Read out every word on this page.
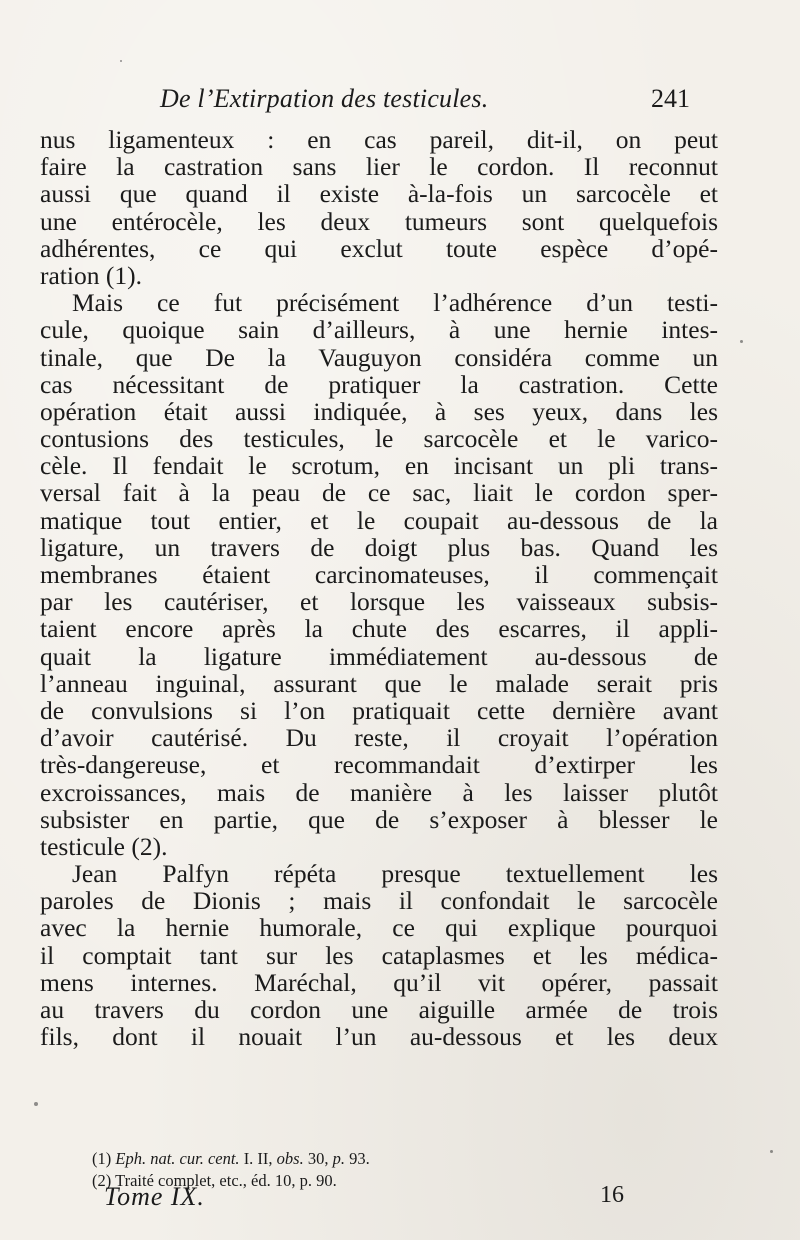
De l’Extirpation des testicules.	241
nus ligamenteux : en cas pareil, dit-il, on peut
faire la castration sans lier le cordon. Il reconnut
aussi que quand il existe à-la-fois un sarcocèle et
une entérocèle, les deux tumeurs sont quelquefois
adhérentes, ce qui exclut toute espèce d’opé-
ration (1).
Mais ce fut précisément l’adhérence d’un testi-
cule, quoique sain d’ailleurs, à une hernie intes-
tinale, que De la Vauguyon considéra comme un
cas nécessitant de pratiquer la castration. Cette
opération était aussi indiquée, à ses yeux, dans les
contusions des testicules, le sarcocèle et le varico-
cèle. Il fendait le scrotum, en incisant un pli trans-
versal fait à la peau de ce sac, liait le cordon sper-
matique tout entier, et le coupait au-dessous de la
ligature, un travers de doigt plus bas. Quand les
membranes étaient carcinomateuses, il commençait
par les cautériser, et lorsque les vaisseaux subsis-
taient encore après la chute des escarres, il appli-
quait la ligature immédiatement au-dessous de
l’anneau inguinal, assurant que le malade serait pris
de convulsions si l’on pratiquait cette dernière avant
d’avoir cautérisé. Du reste, il croyait l’opération
très-dangereuse, et recommandait d’extirper les
excroissances, mais de manière à les laisser plutôt
subsister en partie, que de s’exposer à blesser le
testicule (2).
Jean Palfyn répéta presque textuellement les
paroles de Dionis ; mais il confondait le sarcocèle
avec la hernie humorale, ce qui explique pourquoi
il comptait tant sur les cataplasmes et les médica-
mens internes. Maréchal, qu’il vit opérer, passait
au travers du cordon une aiguille armée de trois
fils, dont il nouait l’un au-dessous et les deux
(1) Eph. nat. cur. cent. I. II, obs. 30, p. 93.
(2) Traité complet, etc., éd. 10, p. 90.
Tome IX.	16
